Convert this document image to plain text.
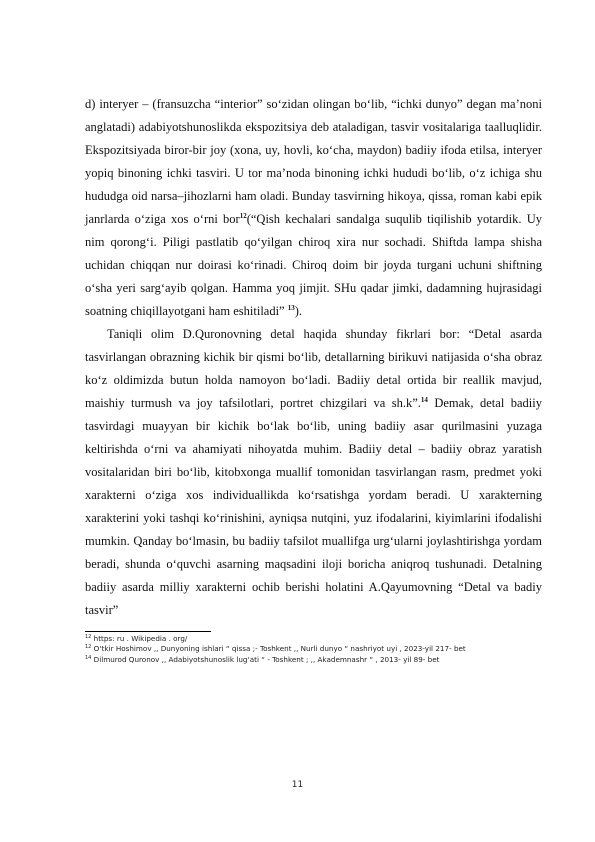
d) interyer – (fransuzcha “interior” so‘zidan olingan bo‘lib, “ichki dunyo” degan ma’noni anglatadi) adabiyotshunoslikda ekspozitsiya deb ataladigan, tasvir vositalariga taalluqlidir. Ekspozitsiyada biror-bir joy (xona, uy, hovli, ko‘cha, maydon) badiiy ifoda etilsa, interyer yopiq binoning ichki tasviri. U tor ma’noda binoning ichki hududi bo‘lib, o‘z ichiga shu hududga oid narsa–jihozlarni ham oladi. Bunday tasvirning hikoya, qissa, roman kabi epik janrlarda o‘ziga xos o‘rni bor$^{12}$(“Qish kechalari sandalga suqulib tiqilishib yotardik. Uy nim qorong‘i. Piligi pastlatib qo‘yilgan chiroq xira nur sochadi. Shiftda lampa shisha uchidan chiqqan nur doirasi ko‘rinadi. Chiroq doim bir joyda turgani uchuni shiftning o‘sha yeri sarg‘ayib qolgan. Hamma yoq jimjit. SHu qadar jimki, dadamning hujrasidagi soatning chiqillayotgani ham eshitiladi” $^{13}$).

Taniqli olim D.Quronovning detal haqida shunday fikrlari bor: “Detal asarda tasvirlangan obrazning kichik bir qismi bo‘lib, detallarning birikuvi natijasida o‘sha obraz ko‘z oldimizda butun holda namoyon bo‘ladi. Badiiy detal ortida bir reallik mavjud, maishiy turmush va joy tafsilotlari, portret chizgilari va sh.k”.$^{14}$ Demak, detal badiiy tasvirdagi muayyan bir kichik bo‘lak bo‘lib, uning badiiy asar qurilmasini yuzaga keltirishda o‘rni va ahamiyati nihoyatda muhim. Badiiy detal – badiiy obraz yaratish vositalaridan biri bo‘lib, kitobxonga muallif tomonidan tasvirlangan rasm, predmet yoki xarakterni o‘ziga xos individuallikda ko‘rsatishga yordam beradi. U xarakterning xarakterini yoki tashqi ko‘rinishini, ayniqsa nutqini, yuz ifodalarini, kiyimlarini ifodalishi mumkin. Qanday bo‘lmasin, bu badiiy tafsilot muallifga urg‘ularni joylashtirishga yordam beradi, shunda o‘quvchi asarning maqsadini iloji boricha aniqroq tushunadi. Detalning badiiy asarda milliy xarakterni ochib berishi holatini A.Qayumovning “Detal va badiy tasvir”

$^{12}$ https: ru . Wikipedia . org/
$^{12}$ O‘tkir Hoshimov ,, Dunyoning ishlari “ qissa ;- Toshkent ,, Nurli dunyo “ nashriyot uyi , 2023-yil 217- bet
$^{14}$ Dilmurod Quronov ,, Adabiyotshunoslik lug‘ati “ - Toshkent ; ,, Akademnashr “ , 2013- yil 89- bet
11
